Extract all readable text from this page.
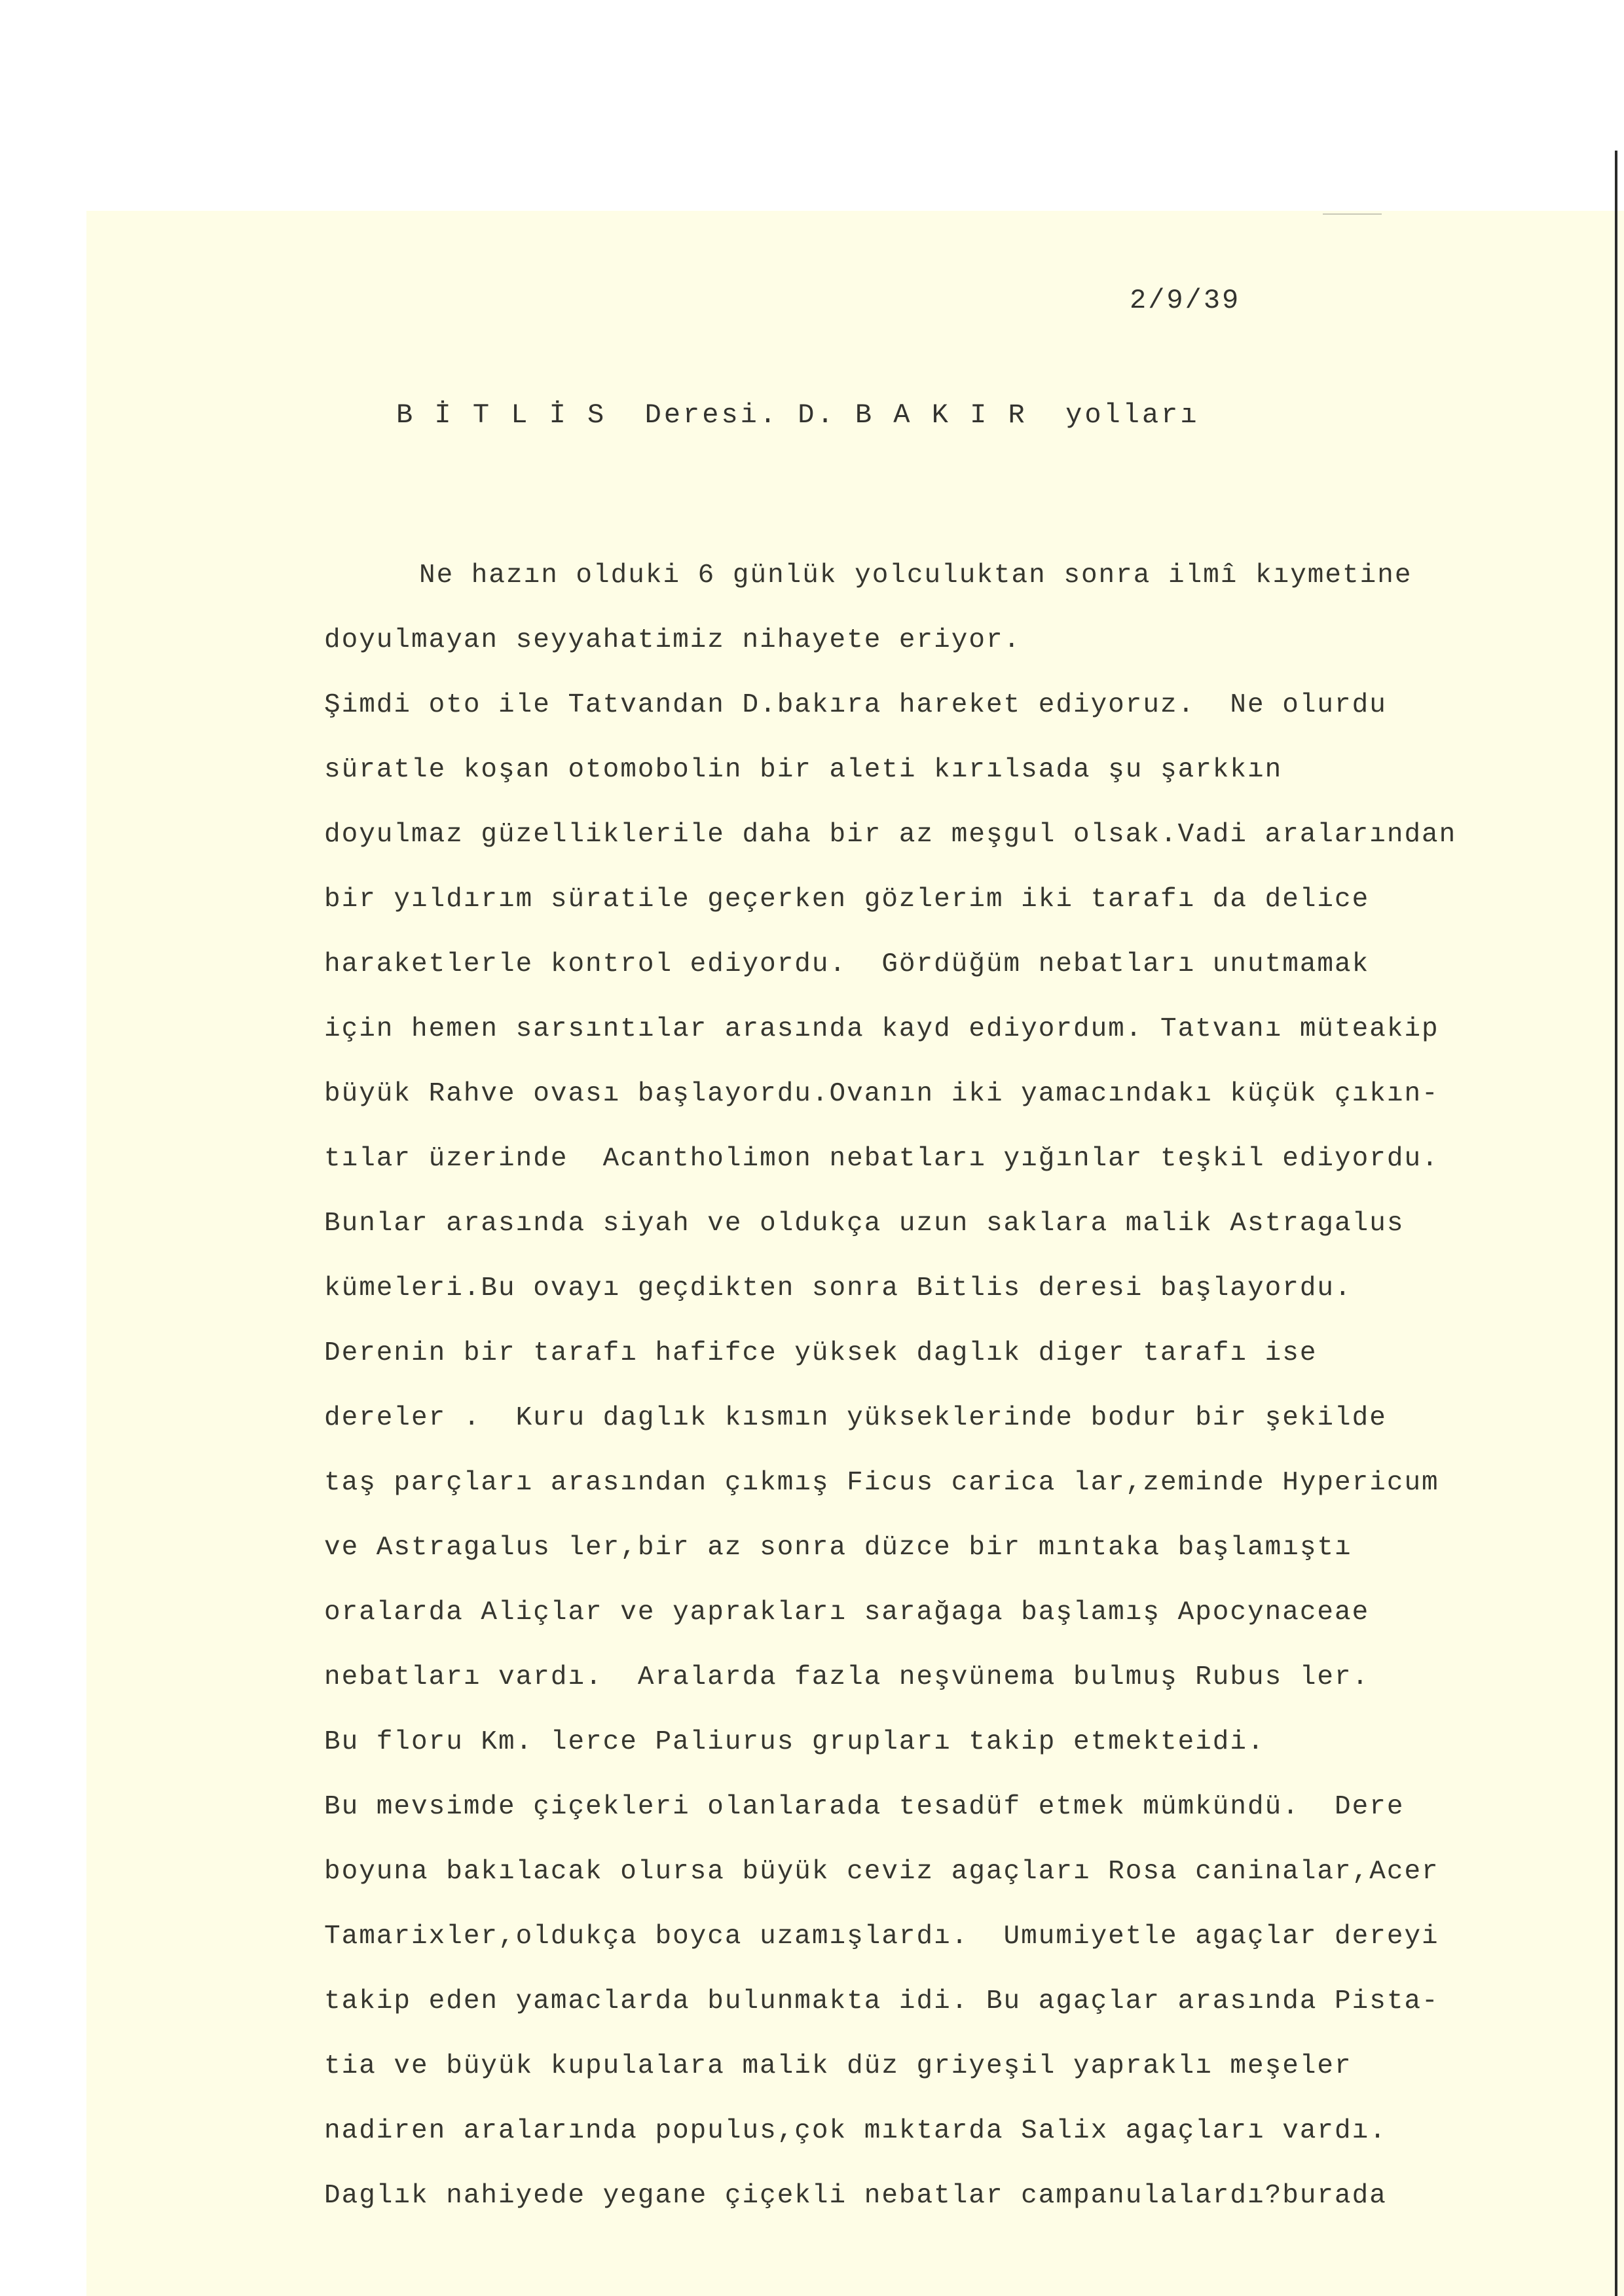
2/9/39

B İ T L İ S  Deresi. D. B A K I R  yolları
Ne hazın olduki 6 günlük yolculuktan sonra ilmî kıymetine
doyulmayan seyyahatimiz nihayete eriyor.
Şimdi oto ile Tatvandan D.bakıra hareket ediyoruz.  Ne olurdu
süratle koşan otomobolin bir aleti kırılsada şu şarkkın
doyulmaz güzelliklerile daha bir az meşgul olsak.Vadi aralarından
bir yıldırım süratile geçerken gözlerim iki tarafı da delice
haraketlerle kontrol ediyordu.  Gördüğüm nebatları unutmamak
için hemen sarsıntılar arasında kayd ediyordum. Tatvanı müteakip
büyük Rahve ovası başlayordu.Ovanın iki yamacındakı küçük çıkın-
tılar üzerinde  Acantholimon nebatları yığınlar teşkil ediyordu.
Bunlar arasında siyah ve oldukça uzun saklara malik Astragalus
kümeleri.Bu ovayı geçdikten sonra Bitlis deresi başlayordu.
Derenin bir tarafı hafifce yüksek daglık diger tarafı ise
dereler .  Kuru daglık kısmın yükseklerinde bodur bir şekilde
taş parçları arasından çıkmış Ficus carica lar,zeminde Hypericum
ve Astragalus ler,bir az sonra düzce bir mıntaka başlamıştı
oralarda Aliçlar ve yaprakları sarağaga başlamış Apocynaceae
nebatları vardı.  Aralarda fazla neşvünema bulmuş Rubus ler.
Bu floru Km. lerce Paliurus grupları takip etmekteidi.
Bu mevsimde çiçekleri olanlarada tesadüf etmek mümkündü.  Dere
boyuna bakılacak olursa büyük ceviz agaçları Rosa caninalar,Acer
Tamarixler,oldukça boyca uzamışlardı.  Umumiyetle agaçlar dereyi
takip eden yamaclarda bulunmakta idi. Bu agaçlar arasında Pista-
tia ve büyük kupulalara malik düz griyeşil yapraklı meşeler
nadiren aralarında populus,çok mıktarda Salix agaçları vardı.
Daglık nahiyede yegane çiçekli nebatlar campanulalardı?burada
